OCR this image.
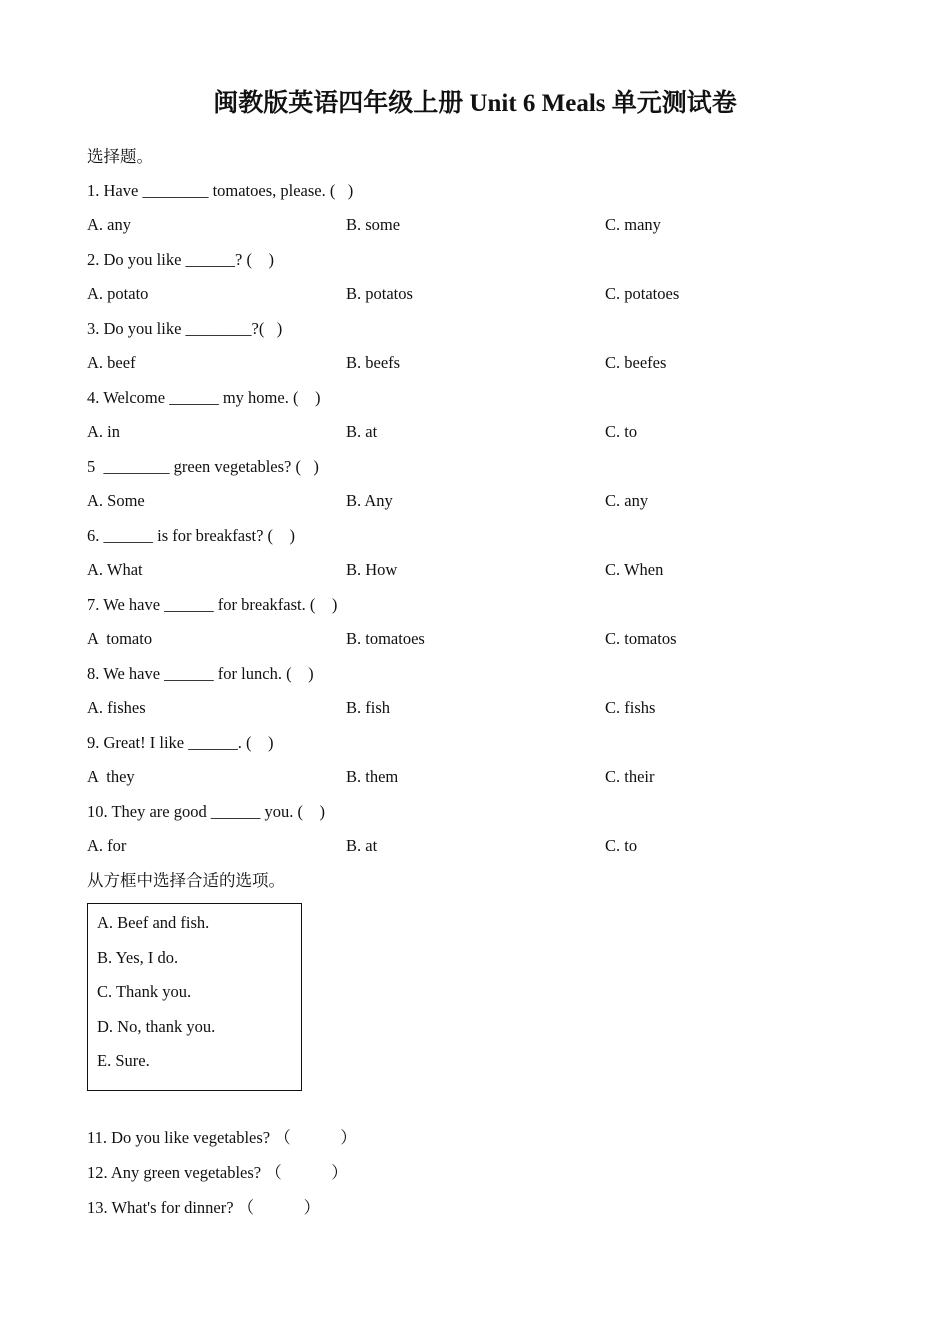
闽教版英语四年级上册 Unit 6 Meals 单元测试卷
选择题。
1. Have ________ tomatoes, please. (   )
A. any	B. some	C. many
2. Do you like ______? (    )
A. potato	B. potatos	C. potatoes
3. Do you like ________?(   )
A. beef	B. beefs	C. beefes
4. Welcome ______ my home. (    )
A. in	B. at	C. to
5  ________ green vegetables? (   )
A. Some	B. Any	C. any
6. ______ is for breakfast? (    )
A. What	B. How	C. When
7. We have ______ for breakfast. (    )
A  tomato	B. tomatoes	C. tomatos
8. We have ______ for lunch. (    )
A. fishes	B. fish	C. fishs
9. Great! I like ______. (    )
A  they	B. them	C. their
10. They are good ______ you. (    )
A. for	B. at	C. to
从方框中选择合适的选项。
A. Beef and fish.
B. Yes, I do.
C. Thank you.
D. No, thank you.
E. Sure.
11. Do you like vegetables? （            ）
12. Any green vegetables? （            ）
13. What's for dinner? （            ）
